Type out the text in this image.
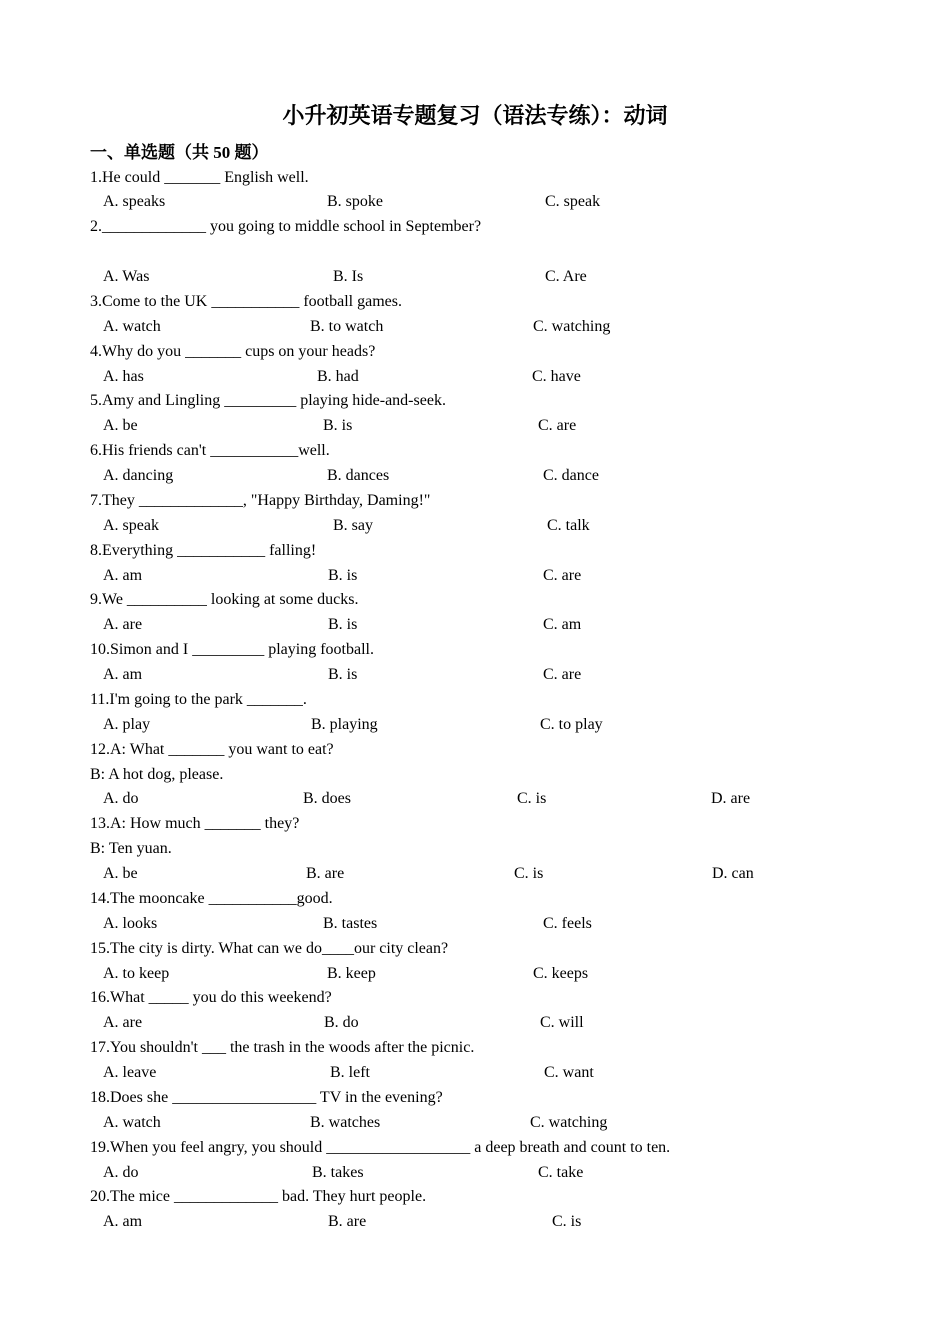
小升初英语专题复习（语法专练）：动词
一、单选题（共 50 题）
1.He could _______ English well.
A. speaks	B. spoke	C. speak
2._____________ you going to middle school in September?
A. Was	B. Is	C. Are
3.Come to the UK ___________ football games.
A. watch	B. to watch	C. watching
4.Why do you _______ cups on your heads?
A. has	B. had	C. have
5.Amy and Lingling _________ playing hide-and-seek.
A. be	B. is	C. are
6.His friends can't ___________well.
A. dancing	B. dances	C. dance
7.They _____________, "Happy Birthday, Daming!"
A. speak	B. say	C. talk
8.Everything ___________ falling!
A. am	B. is	C. are
9.We __________ looking at some ducks.
A. are	B. is	C. am
10.Simon and I _________ playing football.
A. am	B. is	C. are
11.I'm going to the park _______.
A. play	B. playing	C. to play
12.A: What _______ you want to eat?
B: A hot dog, please.
A. do	B. does	C. is	D. are
13.A: How much _______ they?
B: Ten yuan.
A. be	B. are	C. is	D. can
14.The mooncake ___________good.
A. looks	B. tastes	C. feels
15.The city is dirty. What can we do____our city clean?
A. to keep	B. keep	C. keeps
16.What _____ you do this weekend?
A. are	B. do	C. will
17.You shouldn't ___ the trash in the woods after the picnic.
A. leave	B. left	C. want
18.Does she __________________ TV in the evening?
A. watch	B. watches	C. watching
19.When you feel angry, you should __________________ a deep breath and count to ten.
A. do	B. takes	C. take
20.The mice _____________ bad. They hurt people.
A. am	B. are	C. is
